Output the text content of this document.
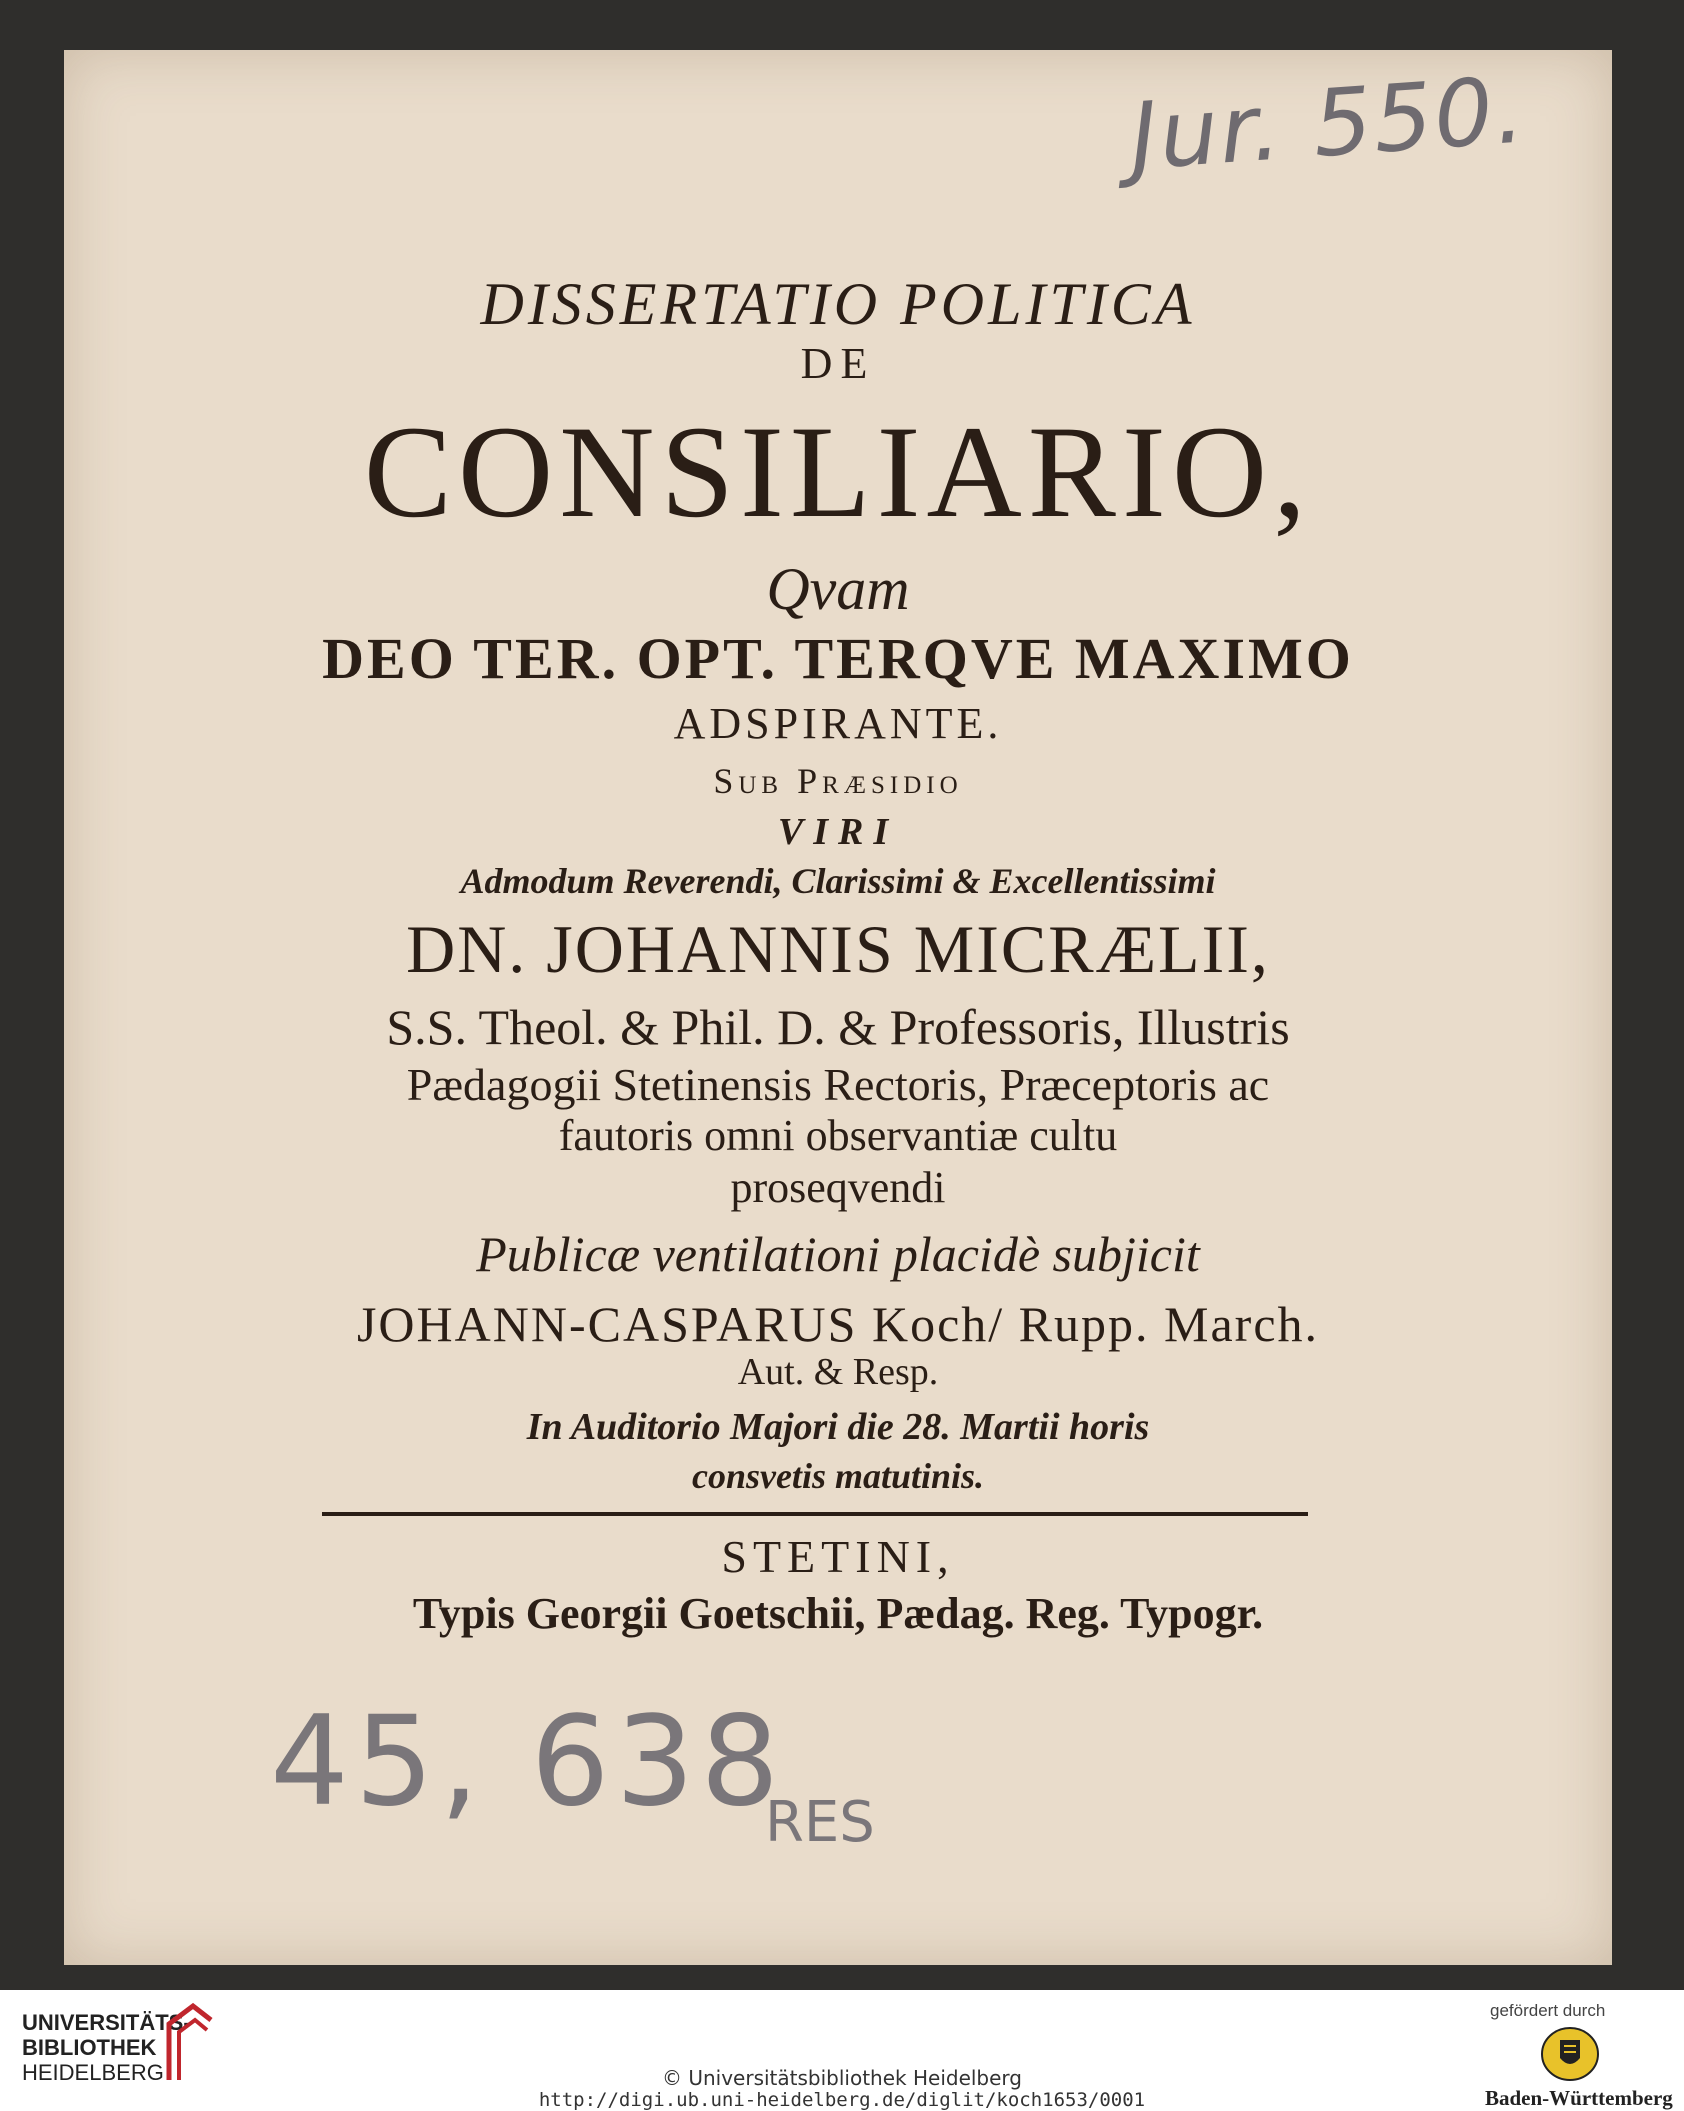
Jur. 550.
DISSERTATIO POLITICA
DE
CONSILIARIO,
Qvam
DEO TER. OPT. TERQVE MAXIMO
ADSPIRANTE.
Sub Præsidio
VIRI
Admodum Reverendi, Clarissimi & Excellentissimi
DN. JOHANNIS MICRÆLII,
S.S. Theol. & Phil. D. & Professoris, Illustris
Pædagogii Stetinensis Rectoris, Præceptoris ac
fautoris omni observantiæ cultu
proseqvendi
Publicæ ventilationi placidè subjicit
JOHANN-CASPARUS Koch/ Rupp. March.
Aut. & Resp.
In Auditorio Majori die 28. Martii horis
consvetis matutinis.
STETINI,
Typis Georgii Goetschii, Pædag. Reg. Typogr.
45, 638
RES
UNIVERSITÄTS-
BIBLIOTHEK
HEIDELBERG	© Universitätsbibliothek Heidelberg
http://digi.ub.uni-heidelberg.de/diglit/koch1653/0001
gefördert durch
Baden-Württemberg
